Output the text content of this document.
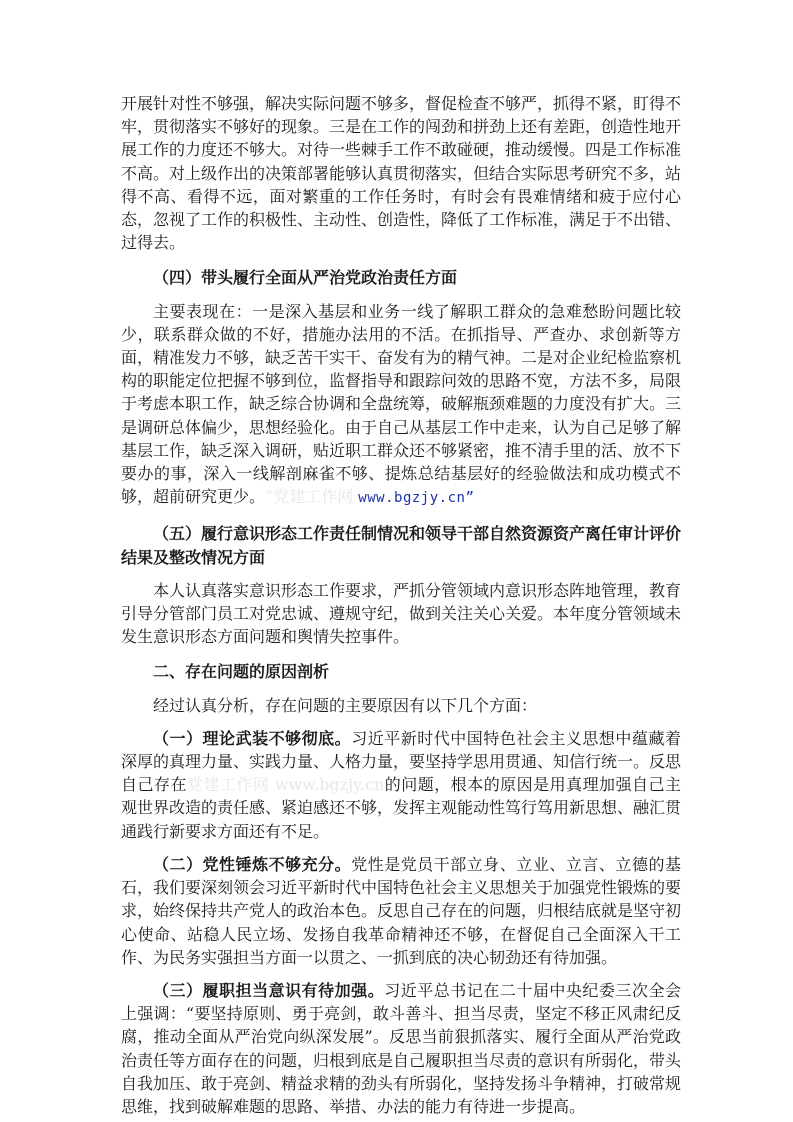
开展针对性不够强，解决实际问题不够多，督促检查不够严，抓得不紧，盯得不牢，贯彻落实不够好的现象。三是在工作的闯劲和拼劲上还有差距，创造性地开展工作的力度还不够大。对待一些棘手工作不敢碰硬，推动缓慢。四是工作标准不高。对上级作出的决策部署能够认真贯彻落实，但结合实际思考研究不多，站得不高、看得不远，面对繁重的工作任务时，有时会有畏难情绪和疲于应付心态，忽视了工作的积极性、主动性、创造性，降低了工作标准，满足于不出错、过得去。

（四）带头履行全面从严治党政治责任方面

主要表现在：一是深入基层和业务一线了解职工群众的急难愁盼问题比较少，联系群众做的不好，措施办法用的不活。在抓指导、严查办、求创新等方面，精准发力不够，缺乏苦干实干、奋发有为的精气神。二是对企业纪检监察机构的职能定位把握不够到位，监督指导和跟踪问效的思路不宽，方法不多，局限于考虑本职工作，缺乏综合协调和全盘统筹，破解瓶颈难题的力度没有扩大。三是调研总体偏少，思想经验化。由于自己从基层工作中走来，认为自己足够了解基层工作，缺乏深入调研，贴近职工群众还不够紧密，推不清手里的活、放不下要办的事，深入一线解剖麻雀不够、提炼总结基层好的经验做法和成功模式不够，超前研究更少。“党建工作网 www.bgzjy.cn”

（五）履行意识形态工作责任制情况和领导干部自然资源资产离任审计评价结果及整改情况方面

本人认真落实意识形态工作要求，严抓分管领域内意识形态阵地管理，教育引导分管部门员工对党忠诚、遵规守纪，做到关注关心关爱。本年度分管领域未发生意识形态方面问题和舆情失控事件。

二、存在问题的原因剖析

经过认真分析，存在问题的主要原因有以下几个方面：

（一）理论武装不够彻底。习近平新时代中国特色社会主义思想中蕴藏着深厚的真理力量、实践力量、人格力量，要坚持学思用贯通、知信行统一。反思自己存在党建工作网 www.bgzjy.cn的问题，根本的原因是用真理加强自己主观世界改造的责任感、紧迫感还不够，发挥主观能动性笃行笃用新思想、融汇贯通践行新要求方面还有不足。

（二）党性锤炼不够充分。党性是党员干部立身、立业、立言、立德的基石，我们要深刻领会习近平新时代中国特色社会主义思想关于加强党性锻炼的要求，始终保持共产党人的政治本色。反思自己存在的问题，归根结底就是坚守初心使命、站稳人民立场、发扬自我革命精神还不够，在督促自己全面深入干工作、为民务实强担当方面一以贯之、一抓到底的决心韧劲还有待加强。

（三）履职担当意识有待加强。习近平总书记在二十届中央纪委三次全会上强调：“要坚持原则、勇于亮剑，敢斗善斗、担当尽责，坚定不移正风肃纪反腐，推动全面从严治党向纵深发展”。反思当前狠抓落实、履行全面从严治党政治责任等方面存在的问题，归根到底是自己履职担当尽责的意识有所弱化，带头自我加压、敢于亮剑、精益求精的劲头有所弱化，坚持发扬斗争精神，打破常规思维，找到破解难题的思路、举措、办法的能力有待进一步提高。
